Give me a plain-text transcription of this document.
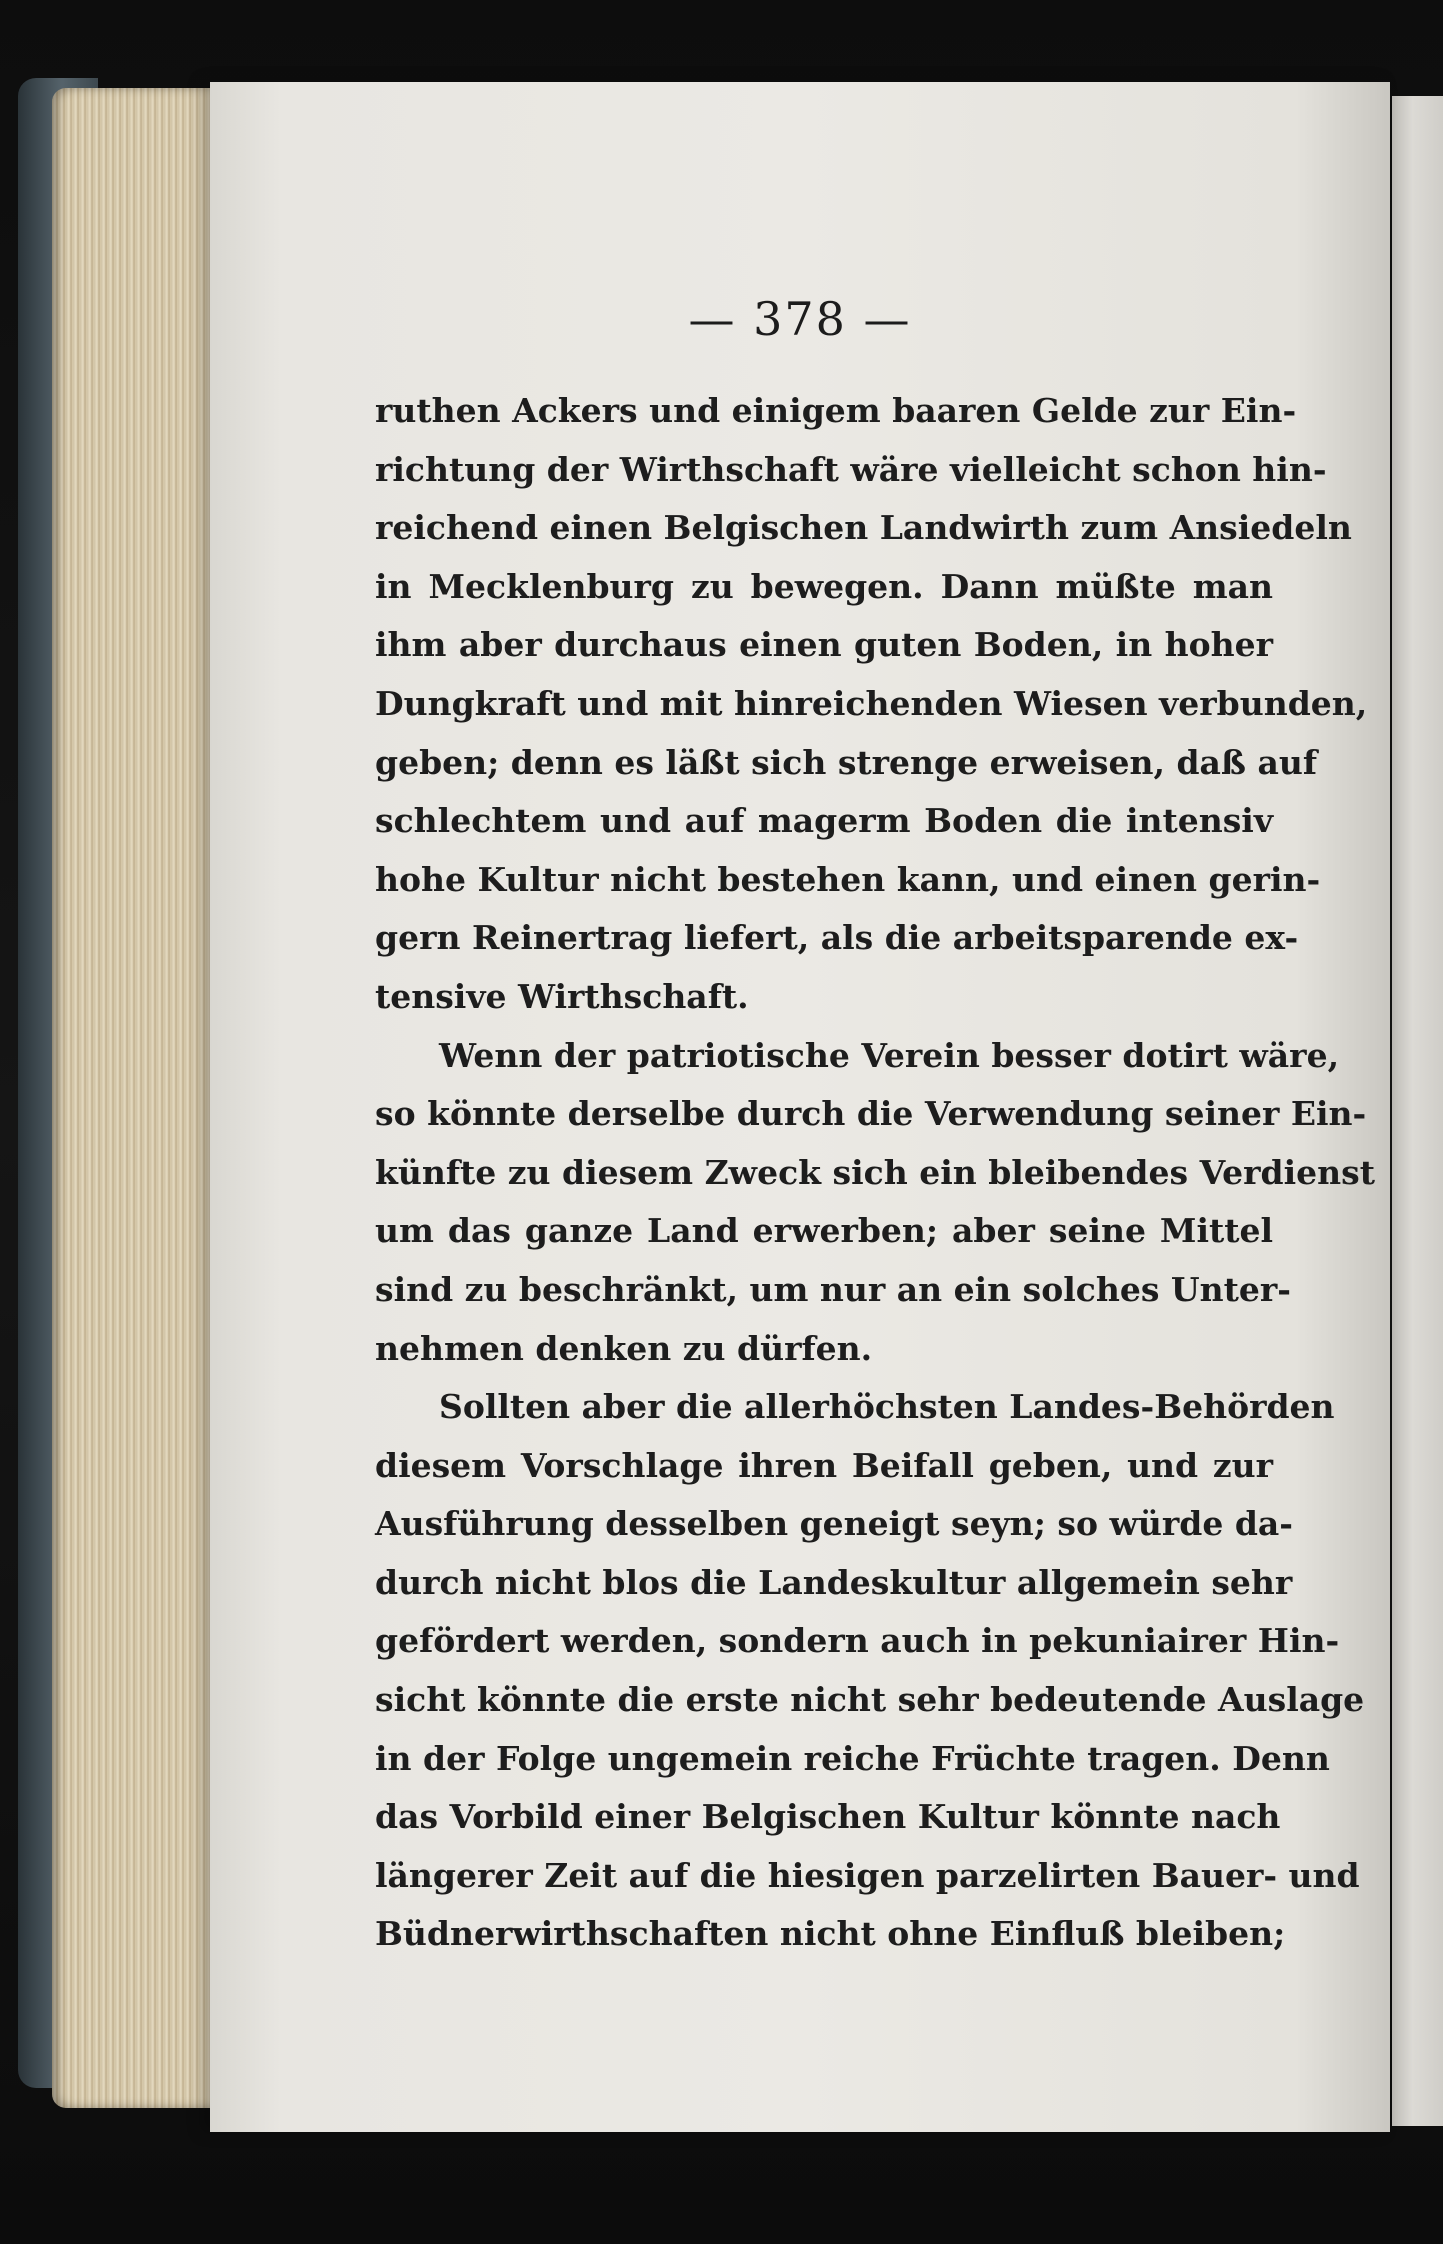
— 378 —
ruthen Ackers und einigem baaren Gelde zur Ein-
richtung der Wirthschaft wäre vielleicht schon hin-
reichend einen Belgischen Landwirth zum Ansiedeln
in Mecklenburg zu bewegen. Dann müßte man
ihm aber durchaus einen guten Boden, in hoher
Dungkraft und mit hinreichenden Wiesen verbunden,
geben; denn es läßt sich strenge erweisen, daß auf
schlechtem und auf magerm Boden die intensiv
hohe Kultur nicht bestehen kann, und einen gerin-
gern Reinertrag liefert, als die arbeitsparende ex-
tensive Wirthschaft.
Wenn der patriotische Verein besser dotirt wäre,
so könnte derselbe durch die Verwendung seiner Ein-
künfte zu diesem Zweck sich ein bleibendes Verdienst
um das ganze Land erwerben; aber seine Mittel
sind zu beschränkt, um nur an ein solches Unter-
nehmen denken zu dürfen.
Sollten aber die allerhöchsten Landes-Behörden
diesem Vorschlage ihren Beifall geben, und zur
Ausführung desselben geneigt seyn; so würde da-
durch nicht blos die Landeskultur allgemein sehr
gefördert werden, sondern auch in pekuniairer Hin-
sicht könnte die erste nicht sehr bedeutende Auslage
in der Folge ungemein reiche Früchte tragen. Denn
das Vorbild einer Belgischen Kultur könnte nach
längerer Zeit auf die hiesigen parzelirten Bauer- und
Büdnerwirthschaften nicht ohne Einfluß bleiben;
